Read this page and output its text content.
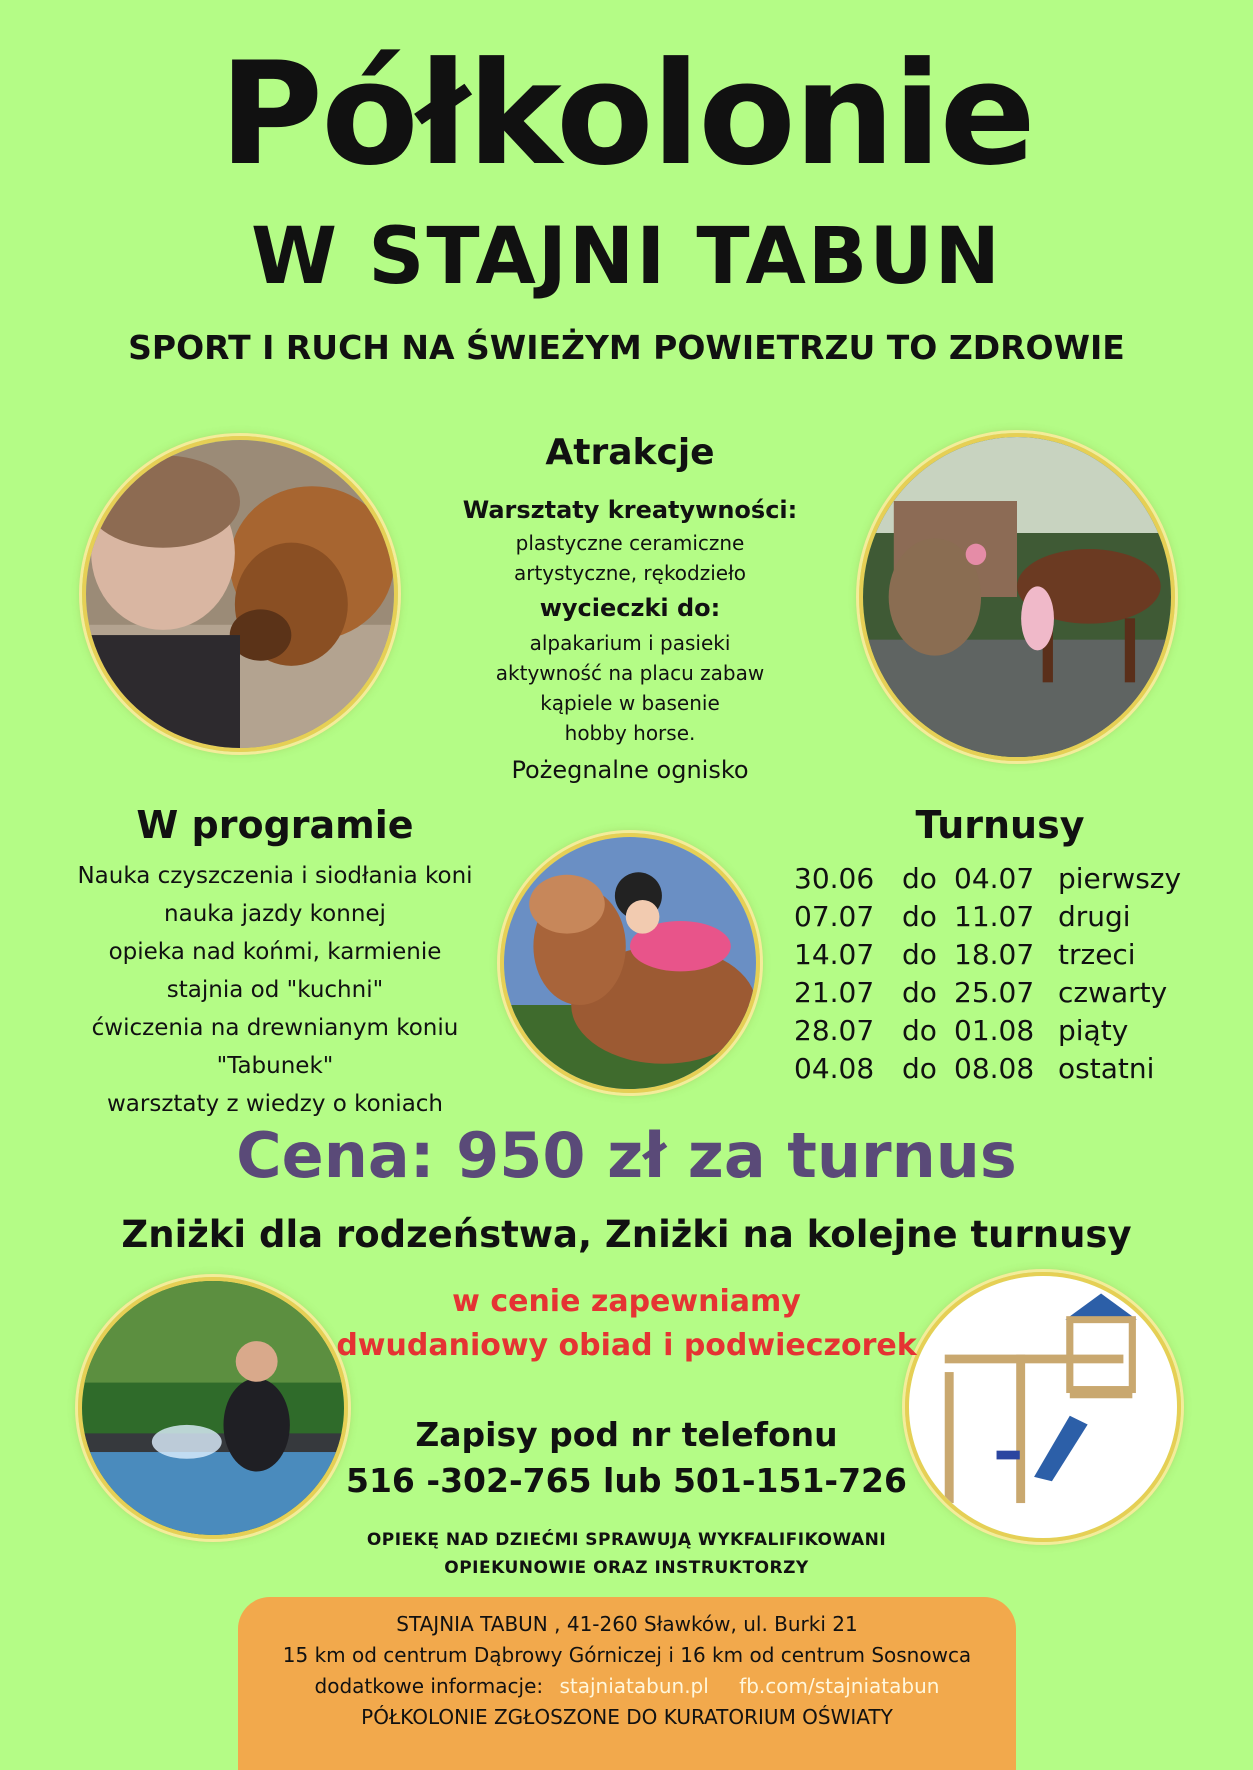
Półkolonie
W STAJNI TABUN
SPORT I RUCH NA ŚWIEŻYM POWIETRZU TO ZDROWIE
Atrakcje
Warsztaty kreatywności:
plastyczne ceramiczne
artystyczne, rękodzieło
wycieczki do:
alpakarium i pasieki
aktywność na placu zabaw
kąpiele w basenie
hobby horse.
Pożegnalne ognisko
W programie
Nauka czyszczenia i siodłania koni
nauka jazdy konnej
opieka nad końmi, karmienie
stajnia od "kuchni"
ćwiczenia na drewnianym koniu
"Tabunek"
warsztaty z wiedzy o koniach
Turnusy
30.06	do	04.07	pierwszy
07.07	do	11.07	drugi
14.07	do	18.07	trzeci
21.07	do	25.07	czwarty
28.07	do	01.08	piąty
04.08	do	08.08	ostatni
Cena: 950 zł za turnus
Zniżki dla rodzeństwa, Zniżki na kolejne turnusy
w cenie zapewniamy
dwudaniowy obiad i podwieczorek
Zapisy pod nr telefonu
516 -302-765 lub 501-151-726
OPIEKĘ NAD DZIEĆMI SPRAWUJĄ WYKFALIFIKOWANI
OPIEKUNOWIE ORAZ INSTRUKTORZY
STAJNIA TABUN , 41-260 Sławków, ul. Burki 21
15 km od centrum Dąbrowy Górniczej i 16 km od centrum Sosnowca
dodatkowe informacje: stajniatabun.pl fb.com/stajniatabun
PÓŁKOLONIE ZGŁOSZONE DO KURATORIUM OŚWIATY
